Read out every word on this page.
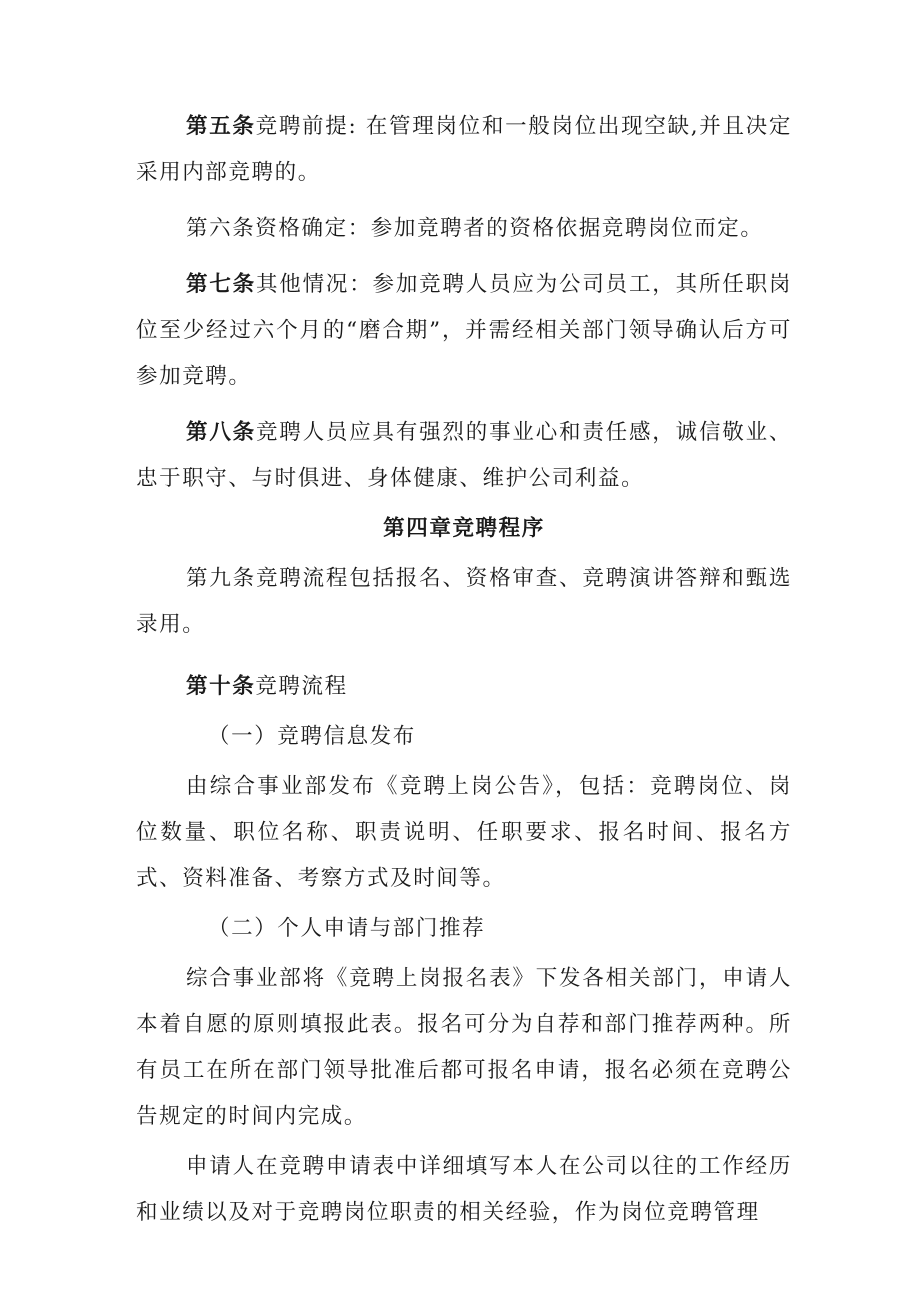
第五条竞聘前提: 在管理岗位和一般岗位出现空缺,并且决定采用内部竞聘的。

第六条资格确定：参加竞聘者的资格依据竞聘岗位而定。

第七条其他情况：参加竞聘人员应为公司员工，其所任职岗位至少经过六个月的“磨合期”，并需经相关部门领导确认后方可参加竞聘。

第八条竞聘人员应具有强烈的事业心和责任感，诚信敬业、忠于职守、与时俱进、身体健康、维护公司利益。

第四章竞聘程序

第九条竞聘流程包括报名、资格审查、竞聘演讲答辩和甄选录用。

第十条竞聘流程

（一）竞聘信息发布

由综合事业部发布《竞聘上岗公告》，包括：竞聘岗位、岗位数量、职位名称、职责说明、任职要求、报名时间、报名方式、资料准备、考察方式及时间等。

（二）个人申请与部门推荐

综合事业部将《竞聘上岗报名表》下发各相关部门，申请人本着自愿的原则填报此表。报名可分为自荐和部门推荐两种。所有员工在所在部门领导批准后都可报名申请，报名必须在竞聘公告规定的时间内完成。

申请人在竞聘申请表中详细填写本人在公司以往的工作经历和业绩以及对于竞聘岗位职责的相关经验，作为岗位竞聘管理
